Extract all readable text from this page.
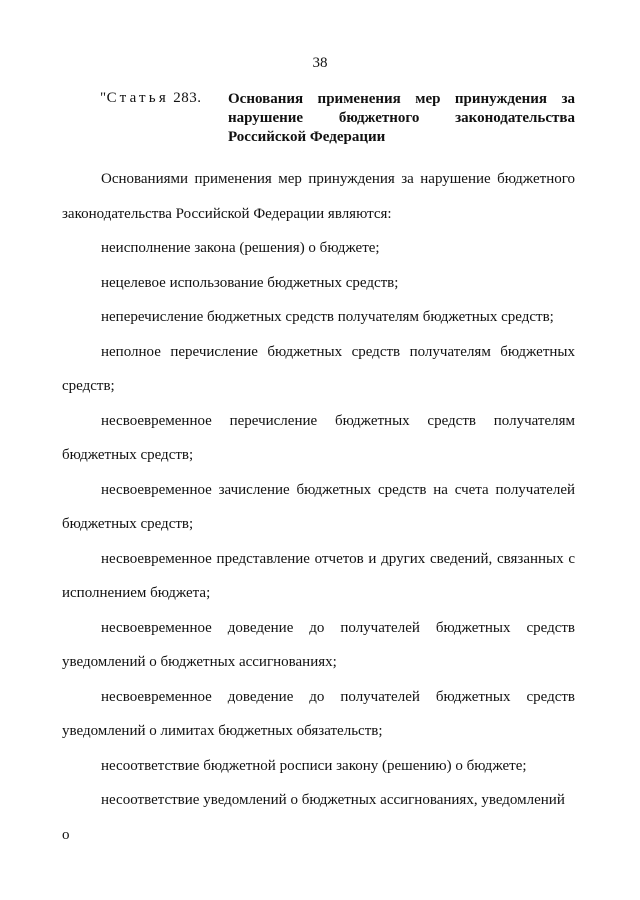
38
"Статья 283. Основания применения мер принуждения за
нарушение бюджетного законодательства
Российской Федерации

Основаниями применения мер принуждения за нарушение бюджетного законодательства Российской Федерации являются:

неисполнение закона (решения) о бюджете;

нецелевое использование бюджетных средств;

неперечисление бюджетных средств получателям бюджетных средств;

неполное перечисление бюджетных средств получателям бюджетных средств;

несвоевременное перечисление бюджетных средств получателям бюджетных средств;

несвоевременное зачисление бюджетных средств на счета получателей бюджетных средств;

несвоевременное представление отчетов и других сведений, связанных с исполнением бюджета;

несвоевременное доведение до получателей бюджетных средств уведомлений о бюджетных ассигнованиях;

несвоевременное доведение до получателей бюджетных средств уведомлений о лимитах бюджетных обязательств;

несоответствие бюджетной росписи закону (решению) о бюджете;

несоответствие уведомлений о бюджетных ассигнованиях, уведомлений о
